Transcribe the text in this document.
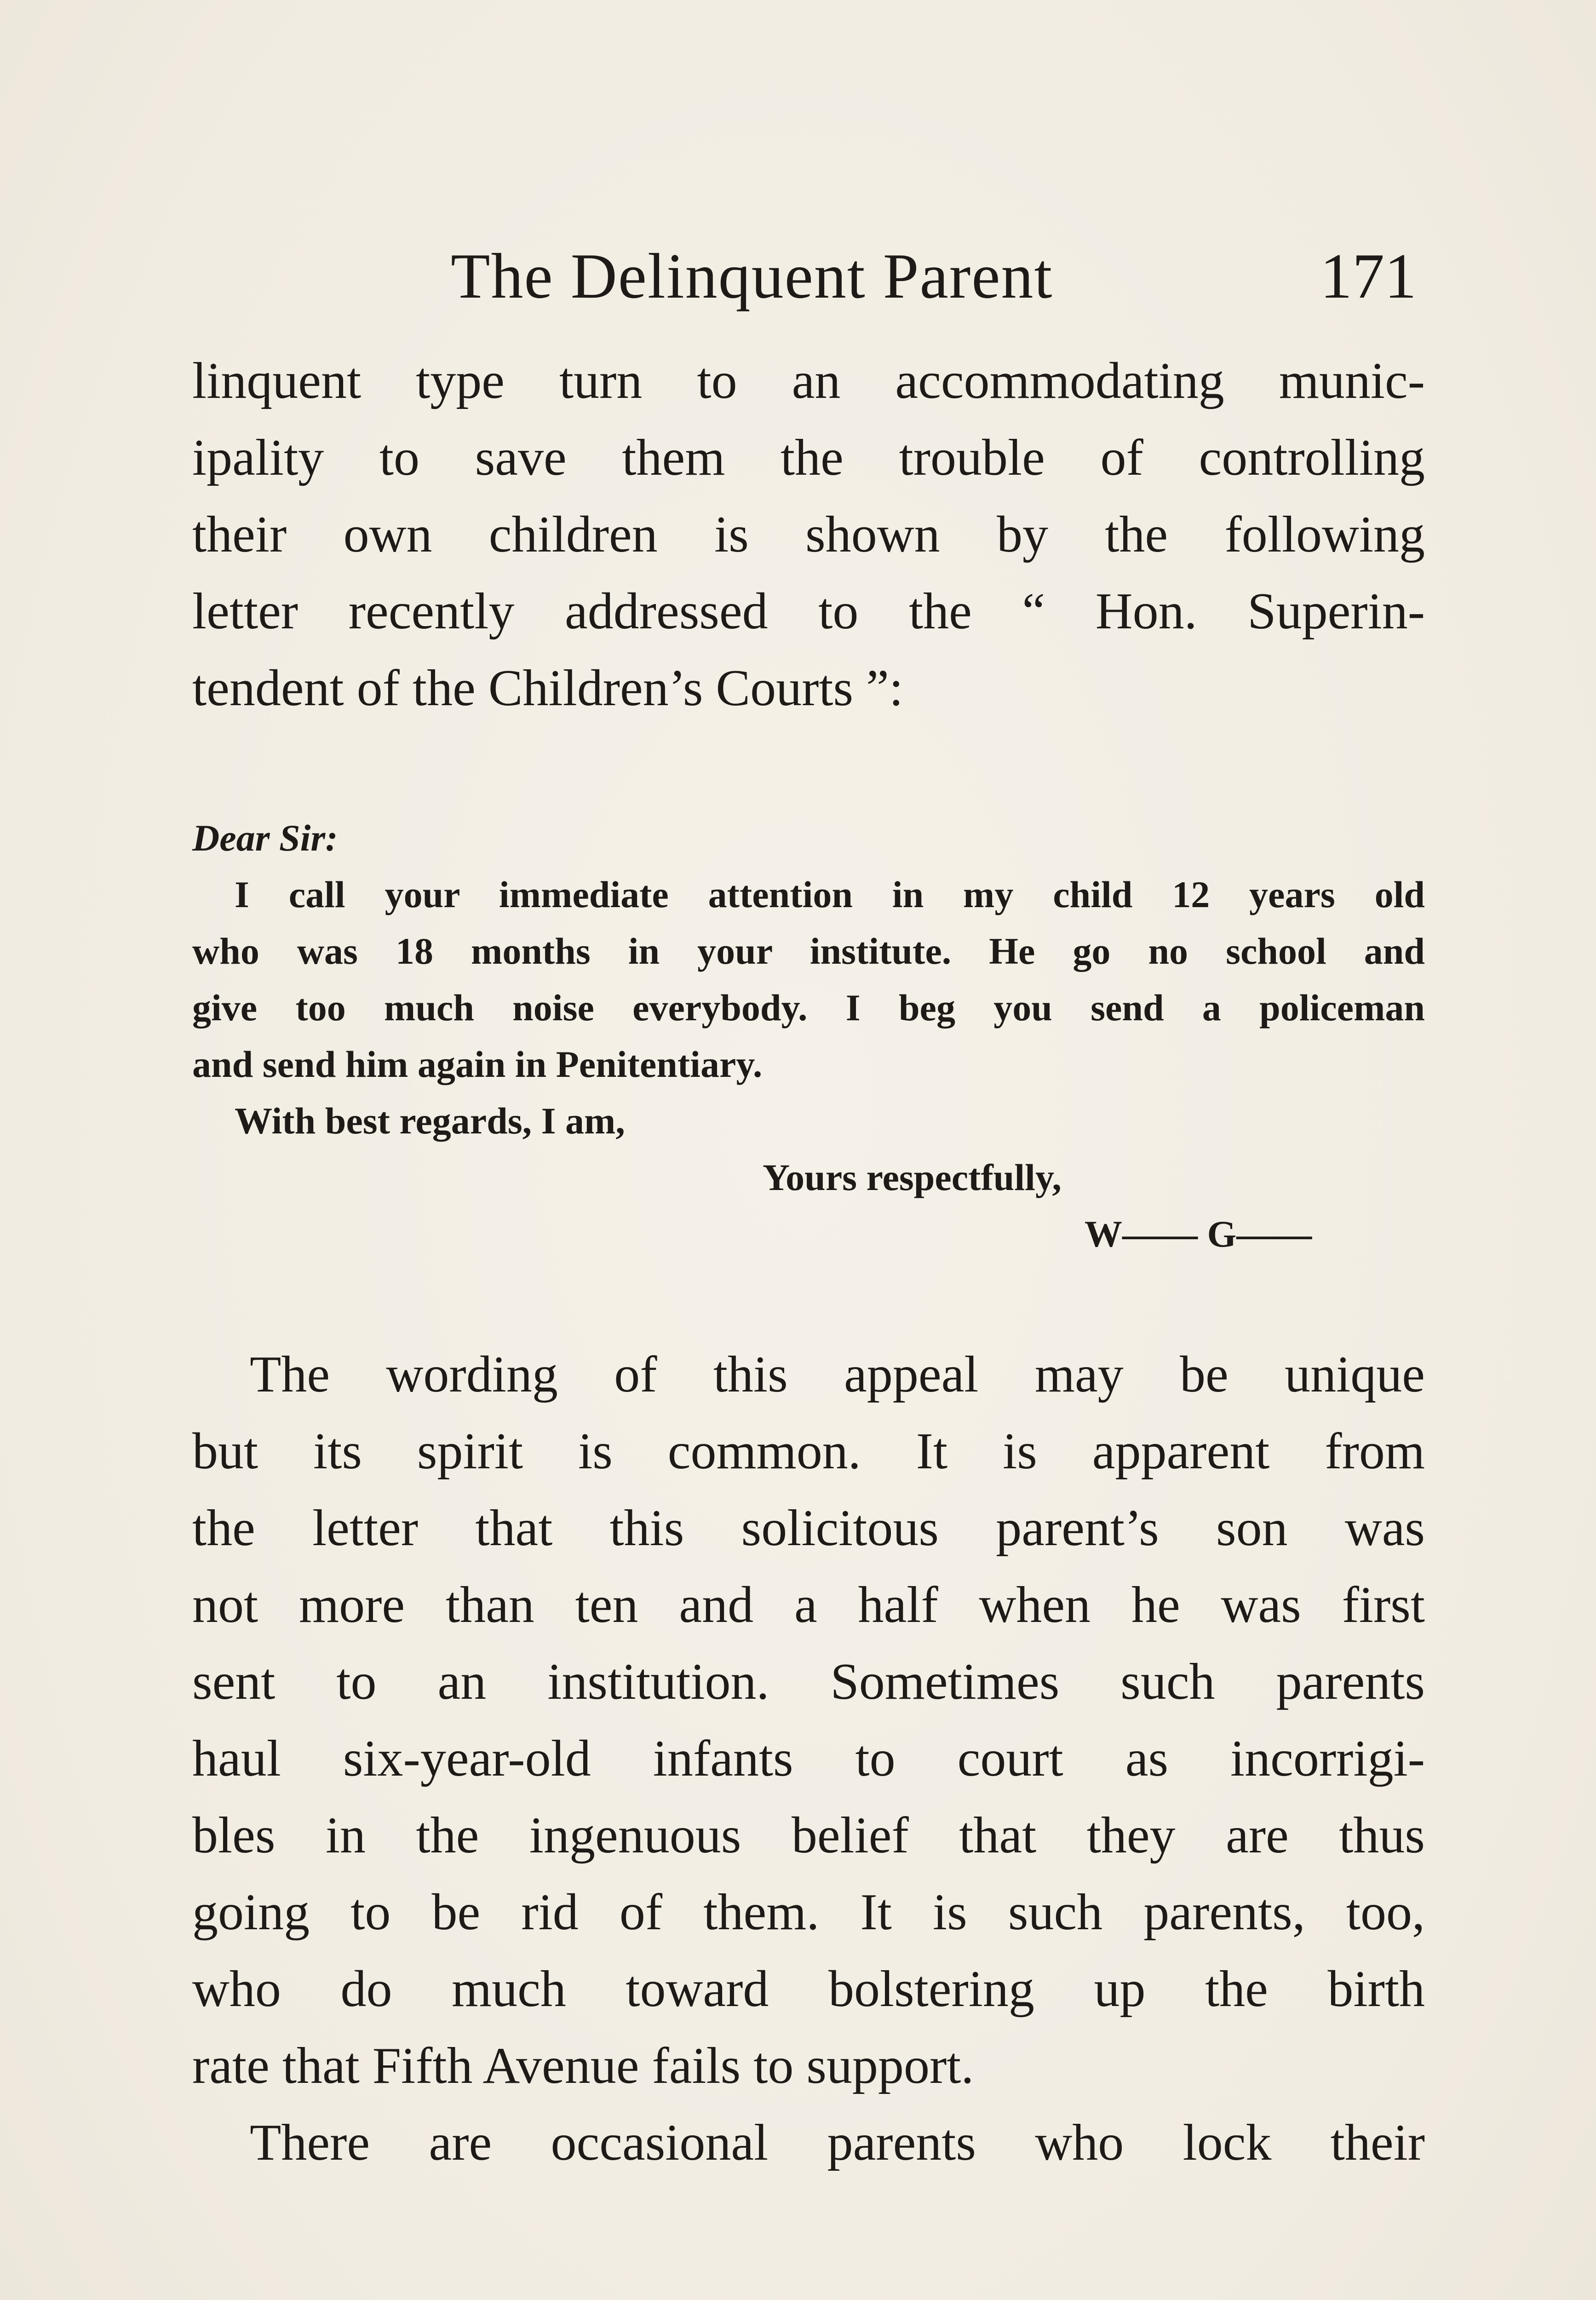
The Delinquent Parent	171
linquent type turn to an accommodating munic-
ipality to save them the trouble of controlling
their own children is shown by the following
letter recently addressed to the “ Hon. Superin-
tendent of the Children’s Courts ”:
Dear Sir:
I call your immediate attention in my child 12 years old
who was 18 months in your institute. He go no school and
give too much noise everybody. I beg you send a policeman
and send him again in Penitentiary.
With best regards, I am,
Yours respectfully,
W—— G——
The wording of this appeal may be unique
but its spirit is common. It is apparent from
the letter that this solicitous parent’s son was
not more than ten and a half when he was first
sent to an institution. Sometimes such parents
haul six-year-old infants to court as incorrigi-
bles in the ingenuous belief that they are thus
going to be rid of them. It is such parents, too,
who do much toward bolstering up the birth
rate that Fifth Avenue fails to support.
There are occasional parents who lock their
